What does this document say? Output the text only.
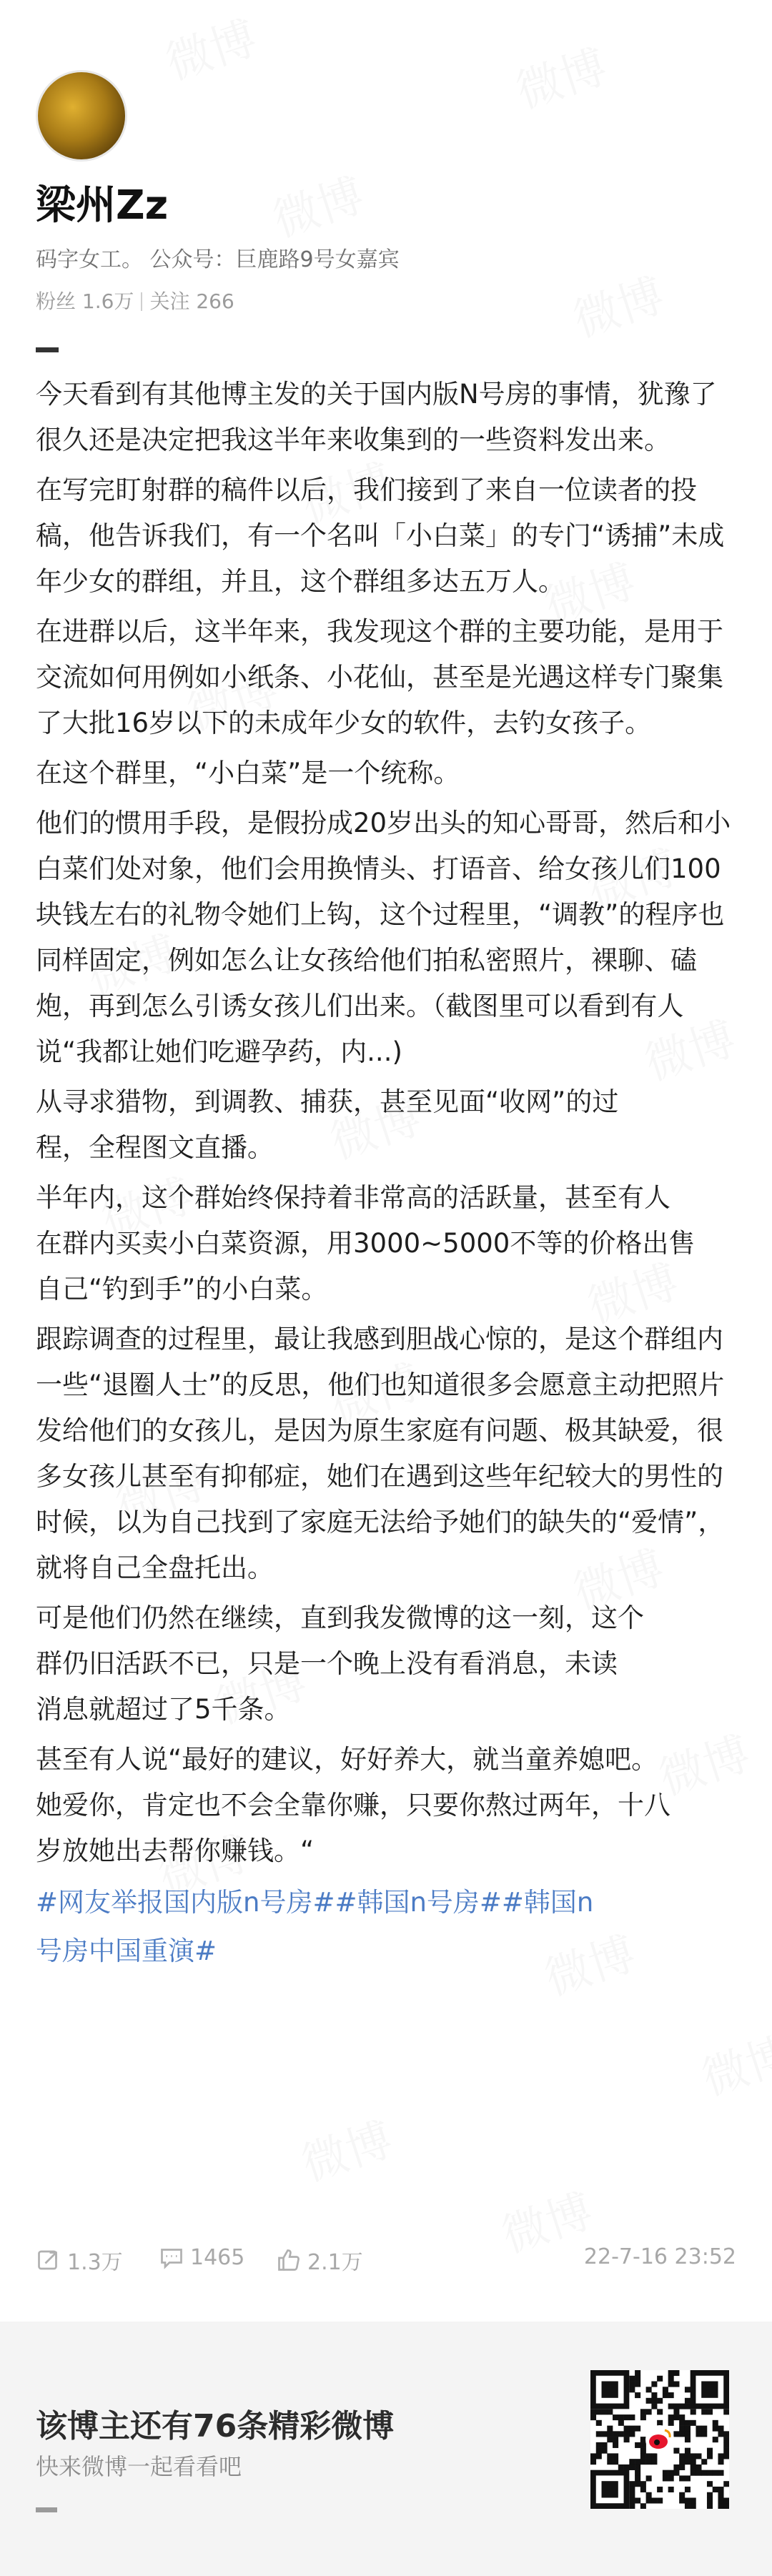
梁州Zz
码字女工。 公众号：巨鹿路9号女嘉宾
粉丝 1.6万 关注 266

今天看到有其他博主发的关于国内版N号房的事情，犹豫了很久还是决定把我这半年来收集到的一些资料发出来。

在写完盯射群的稿件以后，我们接到了来自一位读者的投稿，他告诉我们，有一个名叫「小白菜」的专门“诱捕”未成年少女的群组，并且，这个群组多达五万人。

在进群以后，这半年来，我发现这个群的主要功能，是用于交流如何用例如小纸条、小花仙，甚至是光遇这样专门聚集了大批16岁以下的未成年少女的软件，去钓女孩子。

在这个群里，“小白菜”是一个统称。

他们的惯用手段，是假扮成20岁出头的知心哥哥，然后和小白菜们处对象，他们会用换情头、打语音、给女孩儿们100块钱左右的礼物令她们上钩，这个过程里，“调教”的程序也同样固定，例如怎么让女孩给他们拍私密照片，裸聊、磕炮，再到怎么引诱女孩儿们出来。（截图里可以看到有人说“我都让她们吃避孕药，内...)

从寻求猎物，到调教、捕获，甚至见面“收网”的过
程，全程图文直播。

半年内，这个群始终保持着非常高的活跃量，甚至有人
在群内买卖小白菜资源，用3000~5000不等的价格出售
自己“钓到手”的小白菜。

跟踪调查的过程里，最让我感到胆战心惊的，是这个群组内一些“退圈人士”的反思，他们也知道很多会愿意主动把照片发给他们的女孩儿，是因为原生家庭有问题、极其缺爱，很多女孩儿甚至有抑郁症，她们在遇到这些年纪较大的男性的时候，以为自己找到了家庭无法给予她们的缺失的“爱情”，就将自己全盘托出。

可是他们仍然在继续，直到我发微博的这一刻，这个
群仍旧活跃不已，只是一个晚上没有看消息，未读
消息就超过了5千条。

甚至有人说“最好的建议，好好养大，就当童养媳吧。
她爱你，肯定也不会全靠你赚，只要你熬过两年，十八
岁放她出去帮你赚钱。“

#网友举报国内版n号房##韩国n号房##韩国n
号房中国重演#
1.3万	1465	2.1万	22-7-16 23:52
该博主还有76条精彩微博
快来微博一起看看吧
